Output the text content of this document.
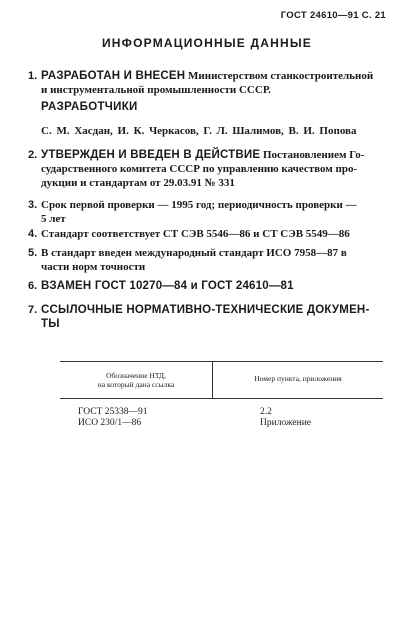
ГОСТ 24610—91 С. 21
ИНФОРМАЦИОННЫЕ ДАННЫЕ
1. РАЗРАБОТАН И ВНЕСЕН Министерством станкостроительной
и инструментальной промышленности СССР.
РАЗРАБОТЧИКИ
С. М. Хасдан, И. К. Черкасов, Г. Л. Шалимов, В. И. Попова
2. УТВЕРЖДЕН И ВВЕДЕН В ДЕЙСТВИЕ Постановлением Го-
сударственного комитета СССР по управлению качеством про-
дукции и стандартам от 29.03.91 № 331
3. Срок первой проверки — 1995 год; периодичность проверки —
5 лет
4. Стандарт соответствует СТ СЭВ 5546—86 и СТ СЭВ 5549—86
5. В стандарт введен международный стандарт ИСО 7958—87 в
части норм точности
6. ВЗАМЕН ГОСТ 10270—84 и ГОСТ 24610—81
7. ССЫЛОЧНЫЕ НОРМАТИВНО-ТЕХНИЧЕСКИЕ ДОКУМЕН-
ТЫ
Обозначение НТД,
на который дана ссылка
Номер пункта, приложения
ГОСТ 25338—91	2.2
ИСО 230/1—86	Приложение
